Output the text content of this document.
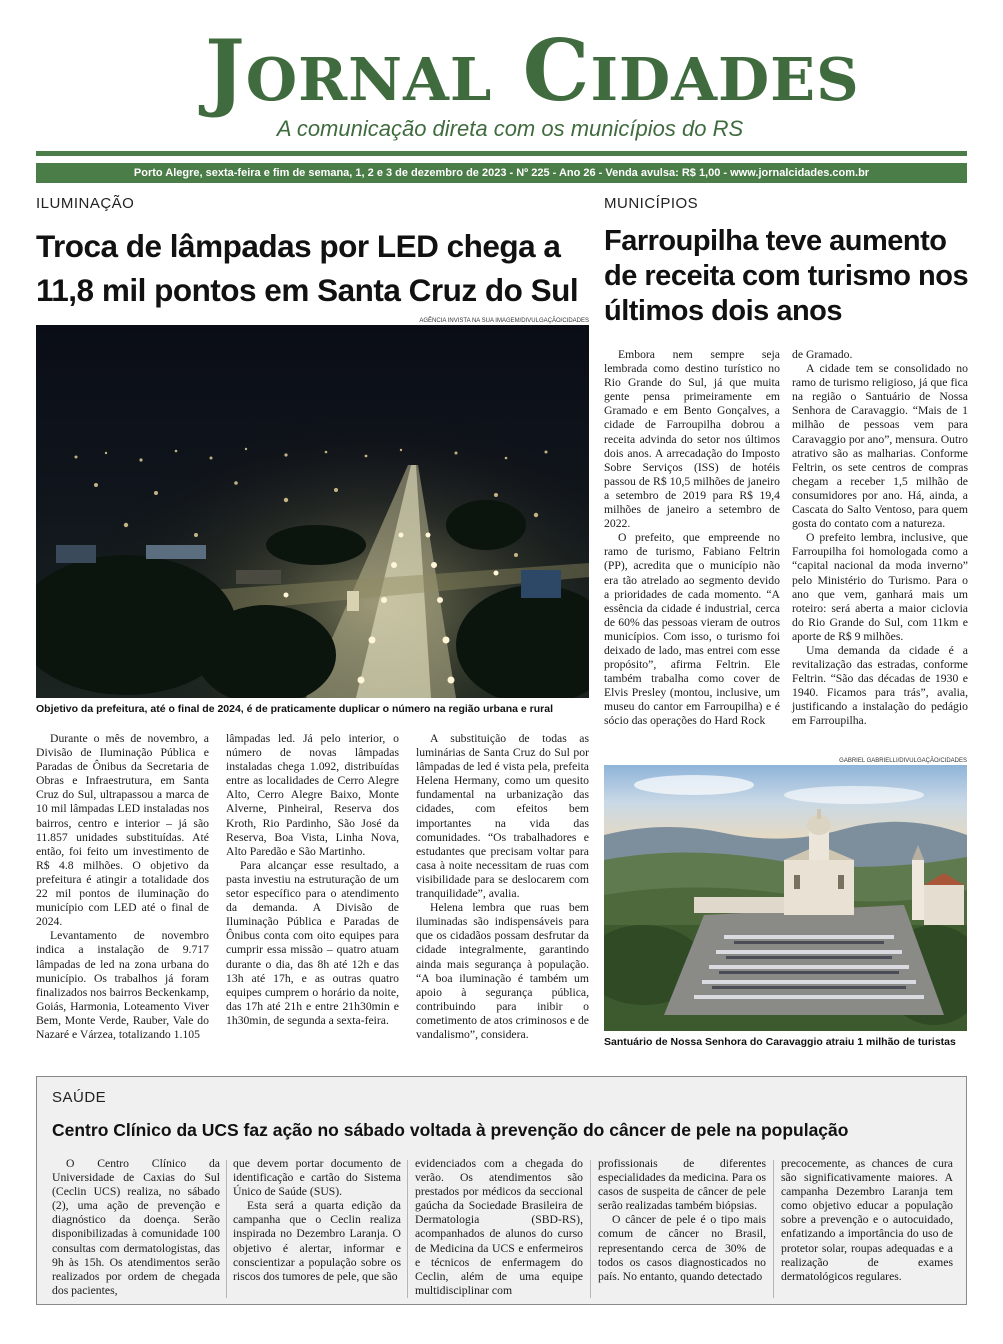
Jornal Cidades
A comunicação direta com os municípios do RS
Porto Alegre, sexta-feira e fim de semana, 1, 2 e 3 de dezembro de 2023 - Nº 225 - Ano 26 - Venda avulsa: R$ 1,00 - www.jornalcidades.com.br
ILUMINAÇÃO
Troca de lâmpadas por LED chega a 11,8 mil pontos em Santa Cruz do Sul
AGÊNCIA INVISTA NA SUA IMAGEM/DIVULGAÇÃO/CIDADES
Objetivo da prefeitura, até o final de 2024, é de praticamente duplicar o número na região urbana e rural

Durante o mês de novembro, a Divisão de Iluminação Pública e Paradas de Ônibus da Secretaria de Obras e Infraestrutura, em Santa Cruz do Sul, ultrapassou a marca de 10 mil lâmpadas LED instaladas nos bairros, centro e interior – já são 11.857 unidades substituídas. Até então, foi feito um investimento de R$ 4.8 milhões. O objetivo da prefeitura é atingir a totalidade dos 22 mil pontos de iluminação do município com LED até o final de 2024.

Levantamento de novembro indica a instalação de 9.717 lâmpadas de led na zona urbana do município. Os trabalhos já foram finalizados nos bairros Beckenkamp, Goiás, Harmonia, Loteamento Viver Bem, Monte Verde, Rauber, Vale do Nazaré e Várzea, totalizando 1.105

lâmpadas led. Já pelo interior, o número de novas lâmpadas instaladas chega 1.092, distribuídas entre as localidades de Cerro Alegre Alto, Cerro Alegre Baixo, Monte Alverne, Pinheiral, Reserva dos Kroth, Rio Pardinho, São José da Reserva, Boa Vista, Linha Nova, Alto Paredão e São Martinho.

Para alcançar esse resultado, a pasta investiu na estruturação de um setor específico para o atendimento da demanda. A Divisão de Iluminação Pública e Paradas de Ônibus conta com oito equipes para cumprir essa missão – quatro atuam durante o dia, das 8h até 12h e das 13h até 17h, e as outras quatro equipes cumprem o horário da noite, das 17h até 21h e entre 21h30min e 1h30min, de segunda a sexta-feira.

A substituição de todas as luminárias de Santa Cruz do Sul por lâmpadas de led é vista pela, prefeita Helena Hermany, como um quesito fundamental na urbanização das cidades, com efeitos bem importantes na vida das comunidades. “Os trabalhadores e estudantes que precisam voltar para casa à noite necessitam de ruas com visibilidade para se deslocarem com tranquilidade”, avalia.

Helena lembra que ruas bem iluminadas são indispensáveis para que os cidadãos possam desfrutar da cidade integralmente, garantindo ainda mais segurança à população. “A boa iluminação é também um apoio à segurança pública, contribuindo para inibir o cometimento de atos criminosos e de vandalismo”, considera.

MUNICÍPIOS
Farroupilha teve aumento de receita com turismo nos últimos dois anos

Embora nem sempre seja lembrada como destino turístico no Rio Grande do Sul, já que muita gente pensa primeiramente em Gramado e em Bento Gonçalves, a cidade de Farroupilha dobrou a receita advinda do setor nos últimos dois anos. A arrecadação do Imposto Sobre Serviços (ISS) de hotéis passou de R$ 10,5 milhões de janeiro a setembro de 2019 para R$ 19,4 milhões de janeiro a setembro de 2022.

O prefeito, que empreende no ramo de turismo, Fabiano Feltrin (PP), acredita que o município não era tão atrelado ao segmento devido a prioridades de cada momento. “A essência da cidade é industrial, cerca de 60% das pessoas vieram de outros municípios. Com isso, o turismo foi deixado de lado, mas entrei com esse propósito”, afirma Feltrin. Ele também trabalha como cover de Elvis Presley (montou, inclusive, um museu do cantor em Farroupilha) e é sócio das operações do Hard Rock

de Gramado.

A cidade tem se consolidado no ramo de turismo religioso, já que fica na região o Santuário de Nossa Senhora de Caravaggio. “Mais de 1 milhão de pessoas vem para Caravaggio por ano”, mensura. Outro atrativo são as malharias. Conforme Feltrin, os sete centros de compras chegam a receber 1,5 milhão de consumidores por ano. Há, ainda, a Cascata do Salto Ventoso, para quem gosta do contato com a natureza.

O prefeito lembra, inclusive, que Farroupilha foi homologada como a “capital nacional da moda inverno” pelo Ministério do Turismo. Para o ano que vem, ganhará mais um roteiro: será aberta a maior ciclovia do Rio Grande do Sul, com 11km e aporte de R$ 9 milhões.

Uma demanda da cidade é a revitalização das estradas, conforme Feltrin. “São das décadas de 1930 e 1940. Ficamos para trás”, avalia, justificando a instalação do pedágio em Farroupilha.

GABRIEL GABRIELLI/DIVULGAÇÃO/CIDADES
Santuário de Nossa Senhora do Caravaggio atraiu 1 milhão de turistas
SAÚDE
Centro Clínico da UCS faz ação no sábado voltada à prevenção do câncer de pele na população

O Centro Clínico da Universidade de Caxias do Sul (Ceclin UCS) realiza, no sábado (2), uma ação de prevenção e diagnóstico da doença. Serão disponibilizadas à comunidade 100 consultas com dermatologistas, das 9h às 15h. Os atendimentos serão realizados por ordem de chegada dos pacientes,

que devem portar documento de identificação e cartão do Sistema Único de Saúde (SUS).

Esta será a quarta edição da campanha que o Ceclin realiza inspirada no Dezembro Laranja. O objetivo é alertar, informar e conscientizar a população sobre os riscos dos tumores de pele, que são

evidenciados com a chegada do verão. Os atendimentos são prestados por médicos da seccional gaúcha da Sociedade Brasileira de Dermatologia (SBD-RS), acompanhados de alunos do curso de Medicina da UCS e enfermeiros e técnicos de enfermagem do Ceclin, além de uma equipe multidisciplinar com

profissionais de diferentes especialidades da medicina. Para os casos de suspeita de câncer de pele serão realizadas também biópsias.

O câncer de pele é o tipo mais comum de câncer no Brasil, representando cerca de 30% de todos os casos diagnosticados no país. No entanto, quando detectado

precocemente, as chances de cura são significativamente maiores. A campanha Dezembro Laranja tem como objetivo educar a população sobre a prevenção e o autocuidado, enfatizando a importância do uso de protetor solar, roupas adequadas e a realização de exames dermatológicos regulares.
